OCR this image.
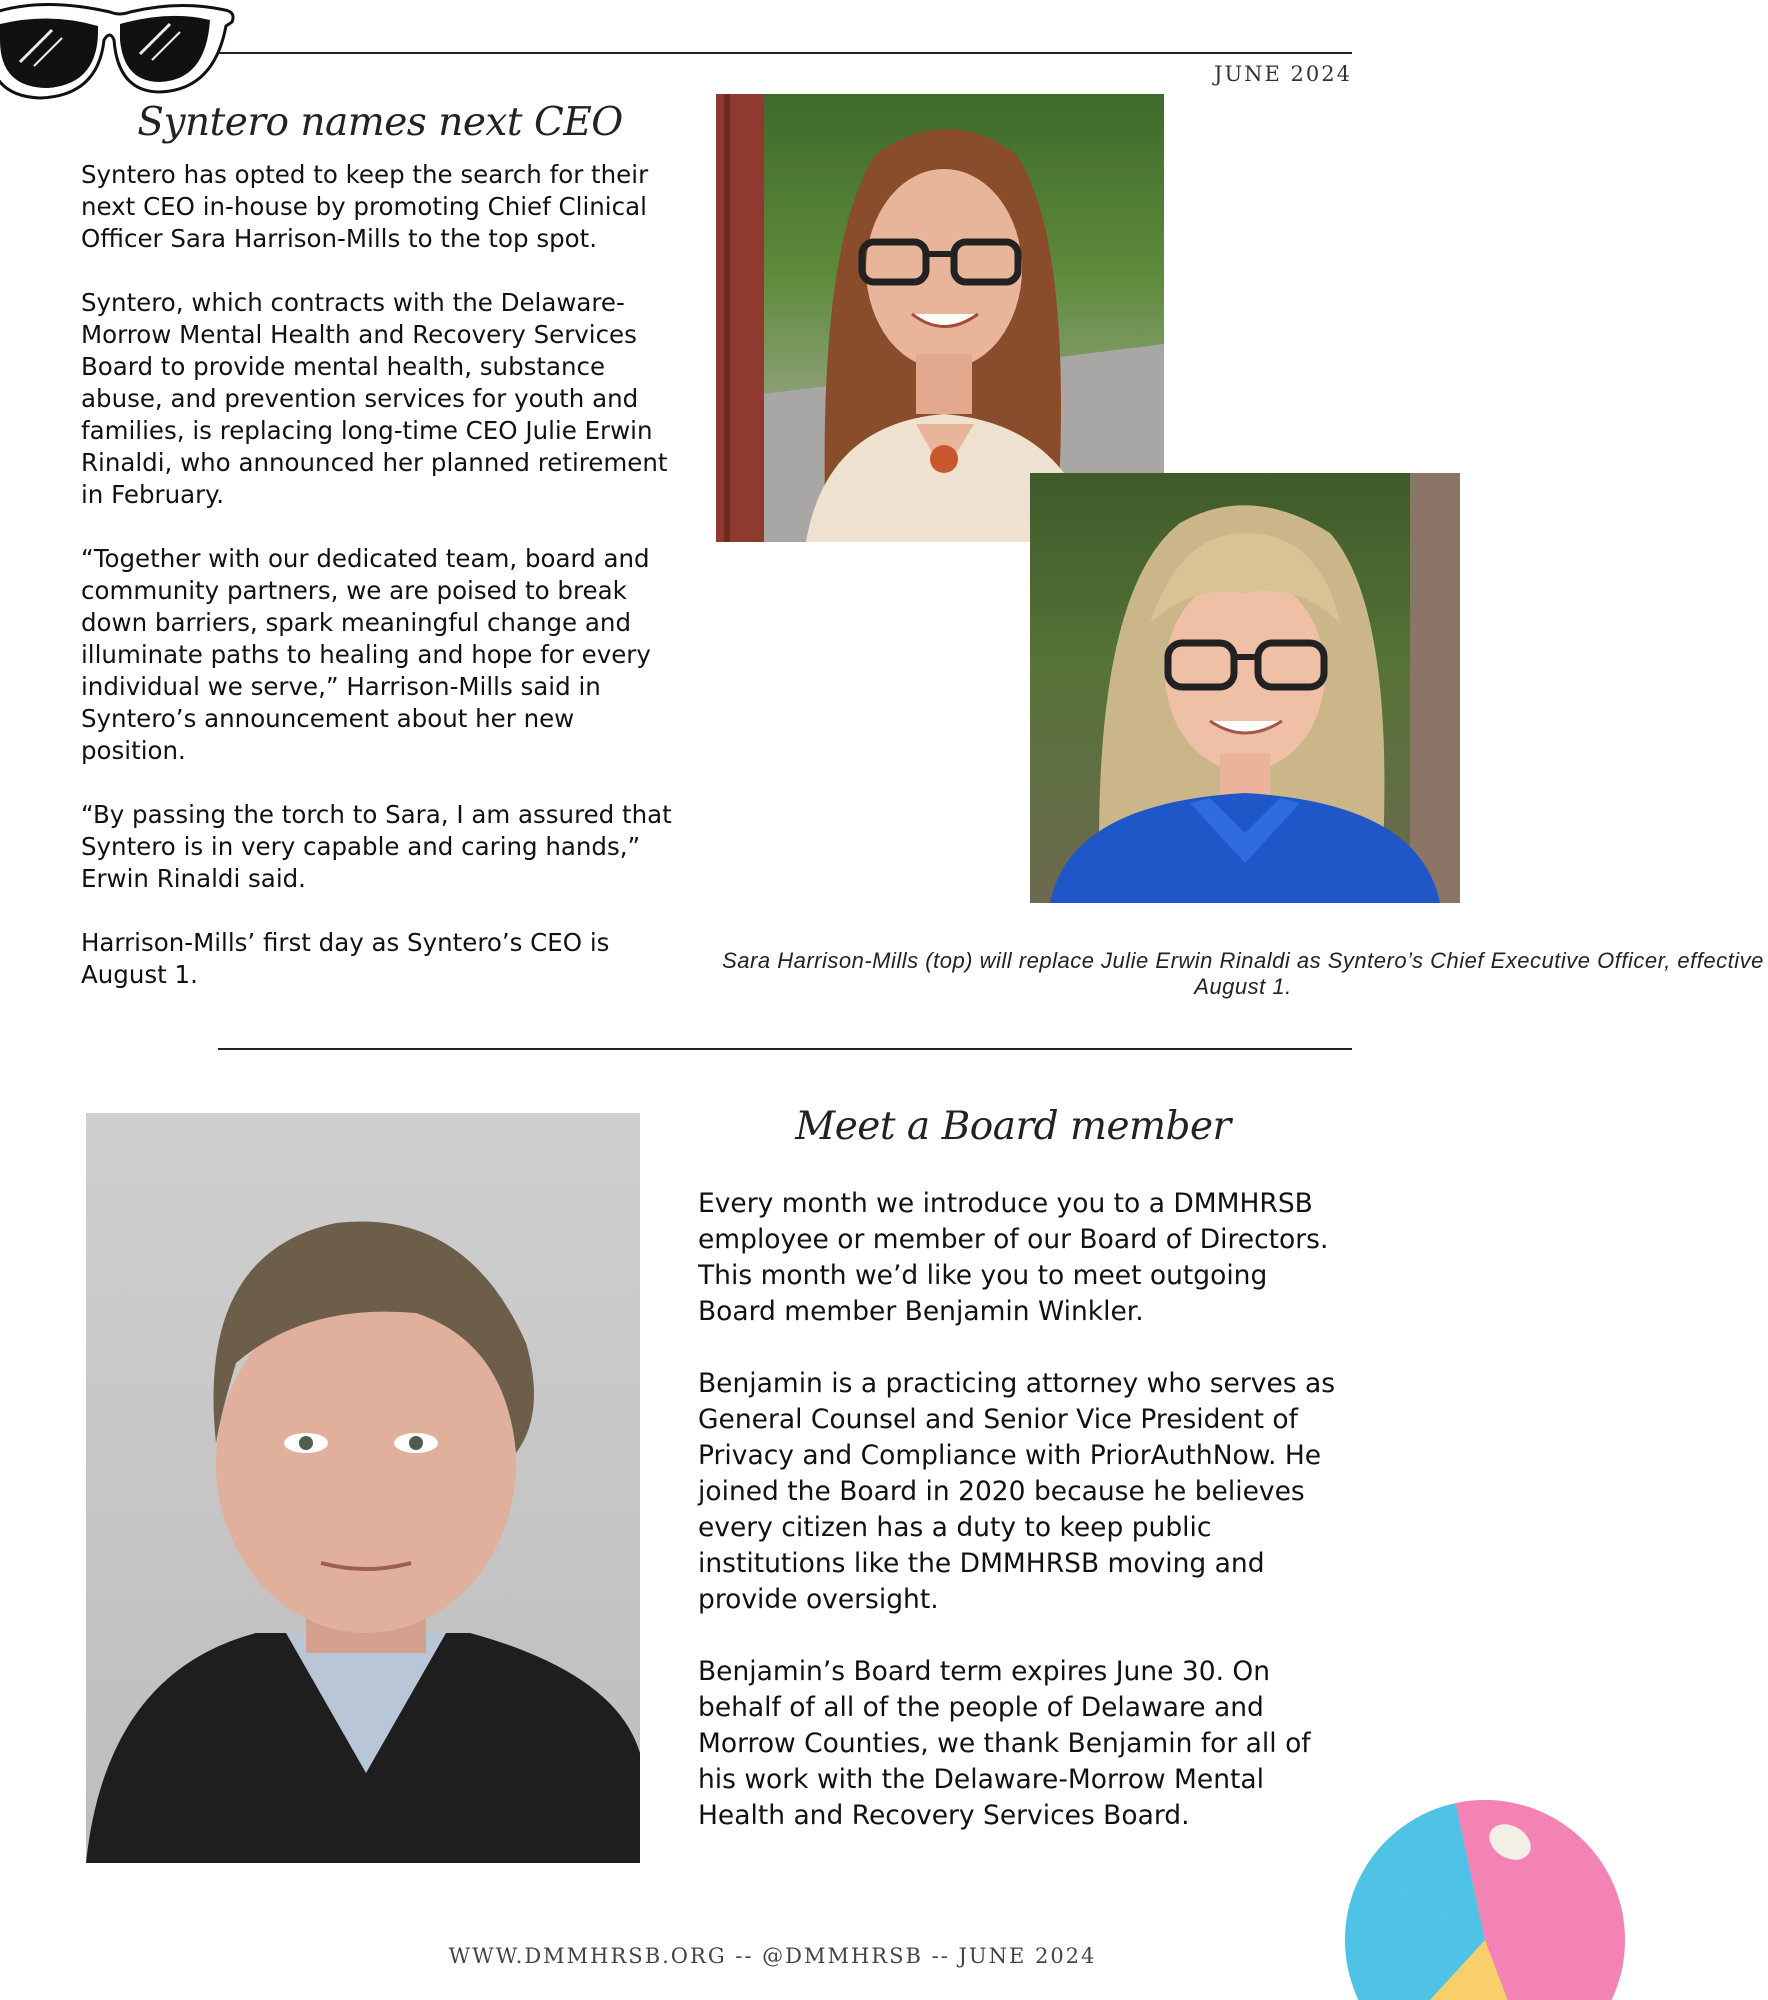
JUNE 2024
Syntero names next CEO

Syntero has opted to keep the search for their next CEO in-house by promoting Chief Clinical Officer Sara Harrison-Mills to the top spot.

Syntero, which contracts with the Delaware-Morrow Mental Health and Recovery Services Board to provide mental health, substance abuse, and prevention services for youth and families, is replacing long-time CEO Julie Erwin Rinaldi, who announced her planned retirement in February.

“Together with our dedicated team, board and community partners, we are poised to break down barriers, spark meaningful change and illuminate paths to healing and hope for every individual we serve,” Harrison-Mills said in Syntero’s announcement about her new position.

“By passing the torch to Sara, I am assured that Syntero is in very capable and caring hands,” Erwin Rinaldi said.

Harrison-Mills’ first day as Syntero’s CEO is August 1.	Sara Harrison-Mills (top) will replace Julie Erwin Rinaldi as Syntero’s Chief Executive Officer, effective August 1.
Meet a Board member

Every month we introduce you to a DMMHRSB employee or member of our Board of Directors. This month we’d like you to meet outgoing Board member Benjamin Winkler.

Benjamin is a practicing attorney who serves as General Counsel and Senior Vice President of Privacy and Compliance with PriorAuthNow. He joined the Board in 2020 because he believes every citizen has a duty to keep public institutions like the DMMHRSB moving and provide oversight.

Benjamin’s Board term expires June 30. On behalf of all of the people of Delaware and Morrow Counties, we thank Benjamin for all of his work with the Delaware-Morrow Mental Health and Recovery Services Board.

WWW.DMMHRSB.ORG -- @DMMHRSB -- JUNE 2024
